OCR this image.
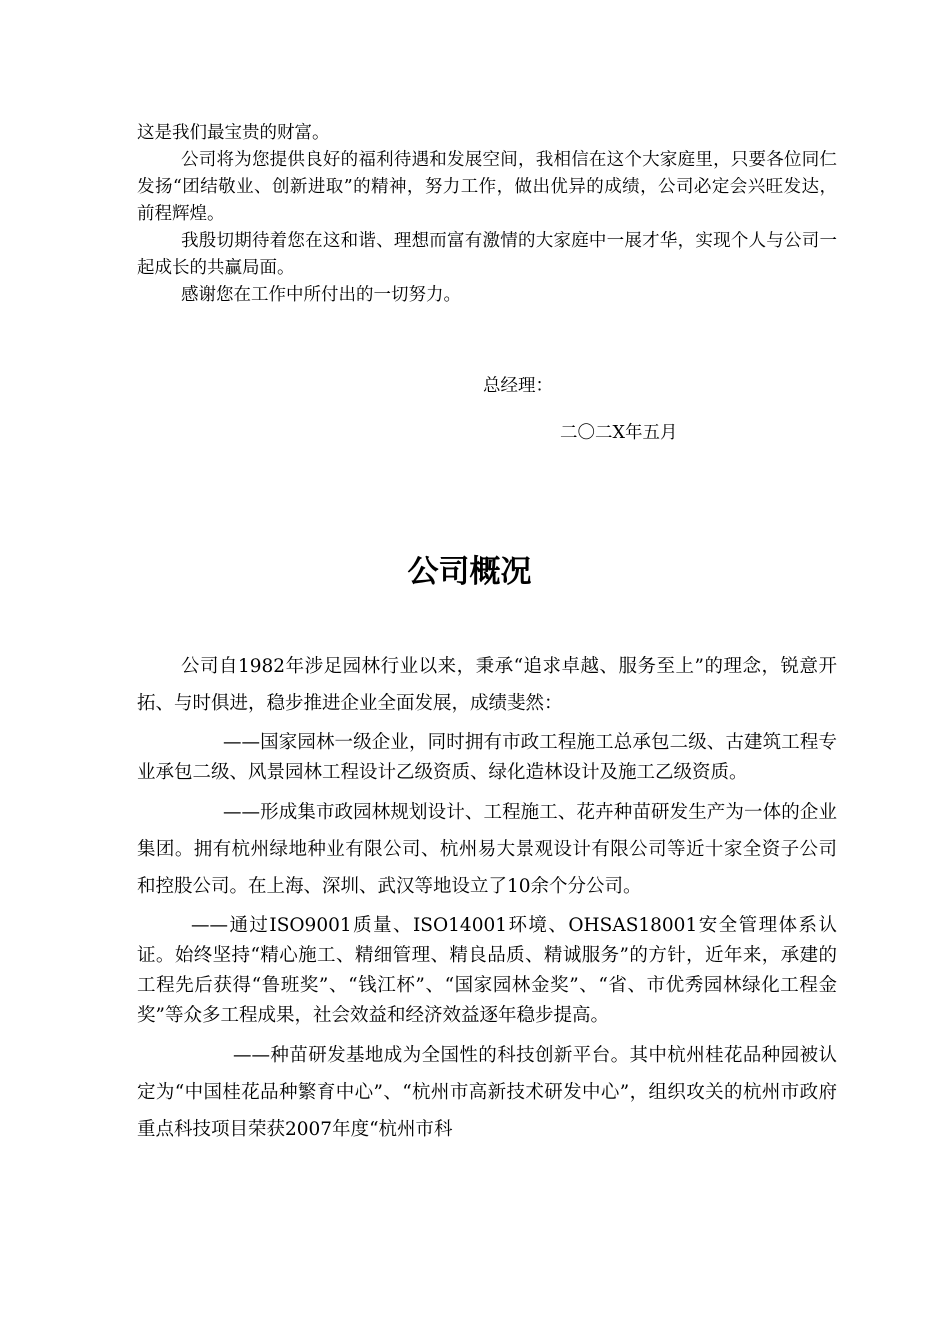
这是我们最宝贵的财富。

公司将为您提供良好的福利待遇和发展空间，我相信在这个大家庭里，只要各位同仁发扬“团结敬业、创新进取”的精神，努力工作，做出优异的成绩，公司必定会兴旺发达，前程辉煌。

我殷切期待着您在这和谐、理想而富有激情的大家庭中一展才华，实现个人与公司一起成长的共赢局面。

感谢您在工作中所付出的一切努力。

总经理：

二〇二X年五月

公司概况

公司自1982年涉足园林行业以来，秉承“追求卓越、服务至上”的理念，锐意开拓、与时俱进，稳步推进企业全面发展，成绩斐然：

——国家园林一级企业，同时拥有市政工程施工总承包二级、古建筑工程专业承包二级、风景园林工程设计乙级资质、绿化造林设计及施工乙级资质。

——形成集市政园林规划设计、工程施工、花卉种苗研发生产为一体的企业集团。拥有杭州绿地种业有限公司、杭州易大景观设计有限公司等近十家全资子公司和控股公司。在上海、深圳、武汉等地设立了10余个分公司。

——通过ISO9001质量、ISO14001环境、OHSAS18001安全管理体系认证。始终坚持“精心施工、精细管理、精良品质、精诚服务”的方针，近年来，承建的工程先后获得“鲁班奖”、“钱江杯”、“国家园林金奖”、“省、市优秀园林绿化工程金奖”等众多工程成果，社会效益和经济效益逐年稳步提高。

——种苗研发基地成为全国性的科技创新平台。其中杭州桂花品种园被认定为“中国桂花品种繁育中心”、“杭州市高新技术研发中心”，组织攻关的杭州市政府重点科技项目荣获2007年度“杭州市科
